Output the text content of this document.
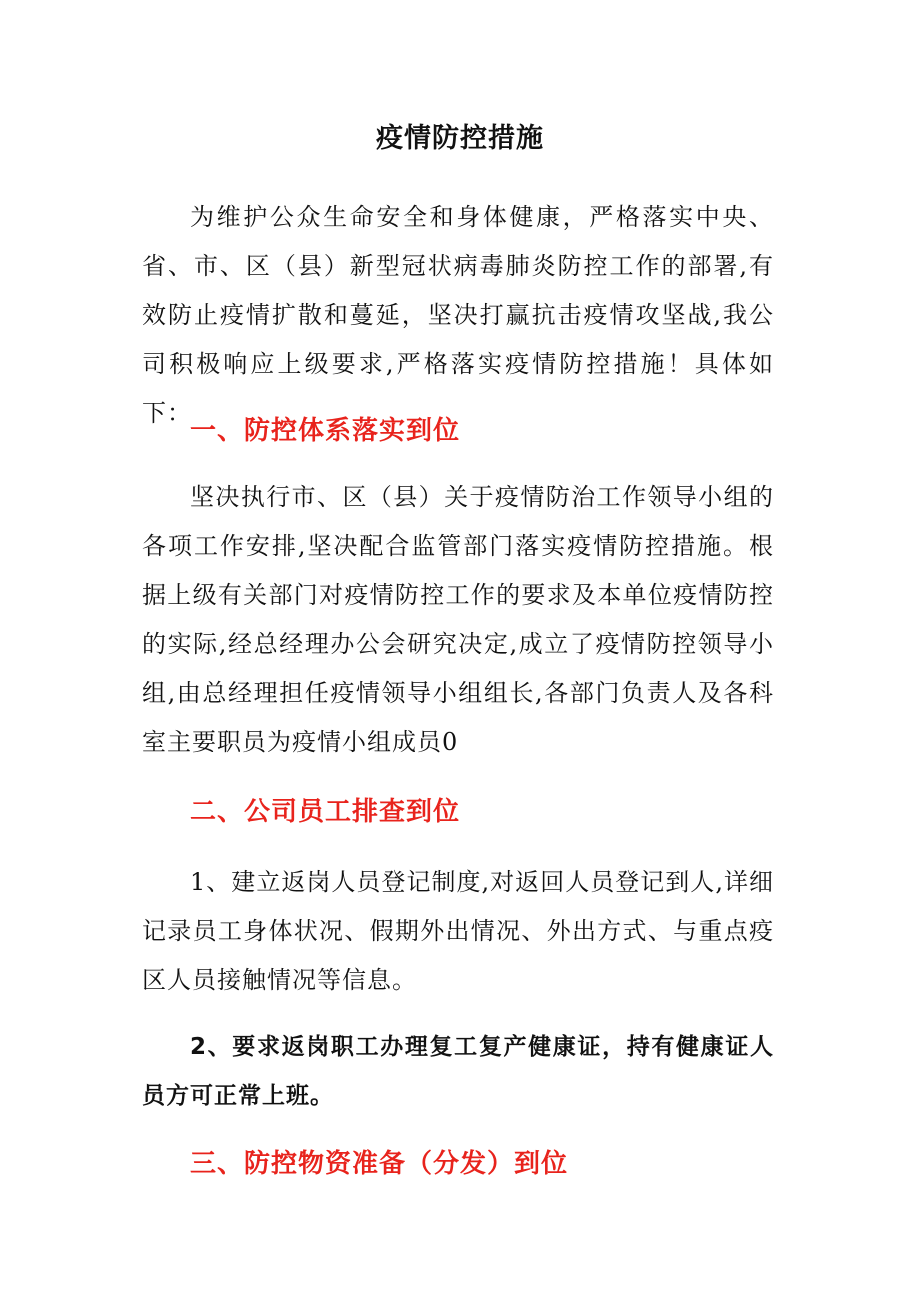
疫情防控措施

为维护公众生命安全和身体健康，严格落实中央、省、市、区（县）新型冠状病毒肺炎防控工作的部署,有效防止疫情扩散和蔓延，坚决打赢抗击疫情攻坚战,我公司积极响应上级要求,严格落实疫情防控措施！具体如下：

一、防控体系落实到位

坚决执行市、区（县）关于疫情防治工作领导小组的各项工作安排,坚决配合监管部门落实疫情防控措施。根据上级有关部门对疫情防控工作的要求及本单位疫情防控的实际,经总经理办公会研究决定,成立了疫情防控领导小组,由总经理担任疫情领导小组组长,各部门负责人及各科室主要职员为疫情小组成员0

二、公司员工排查到位

1、建立返岗人员登记制度,对返回人员登记到人,详细记录员工身体状况、假期外出情况、外出方式、与重点疫区人员接触情况等信息。

2、要求返岗职工办理复工复产健康证，持有健康证人员方可正常上班。

三、防控物资准备（分发）到位
